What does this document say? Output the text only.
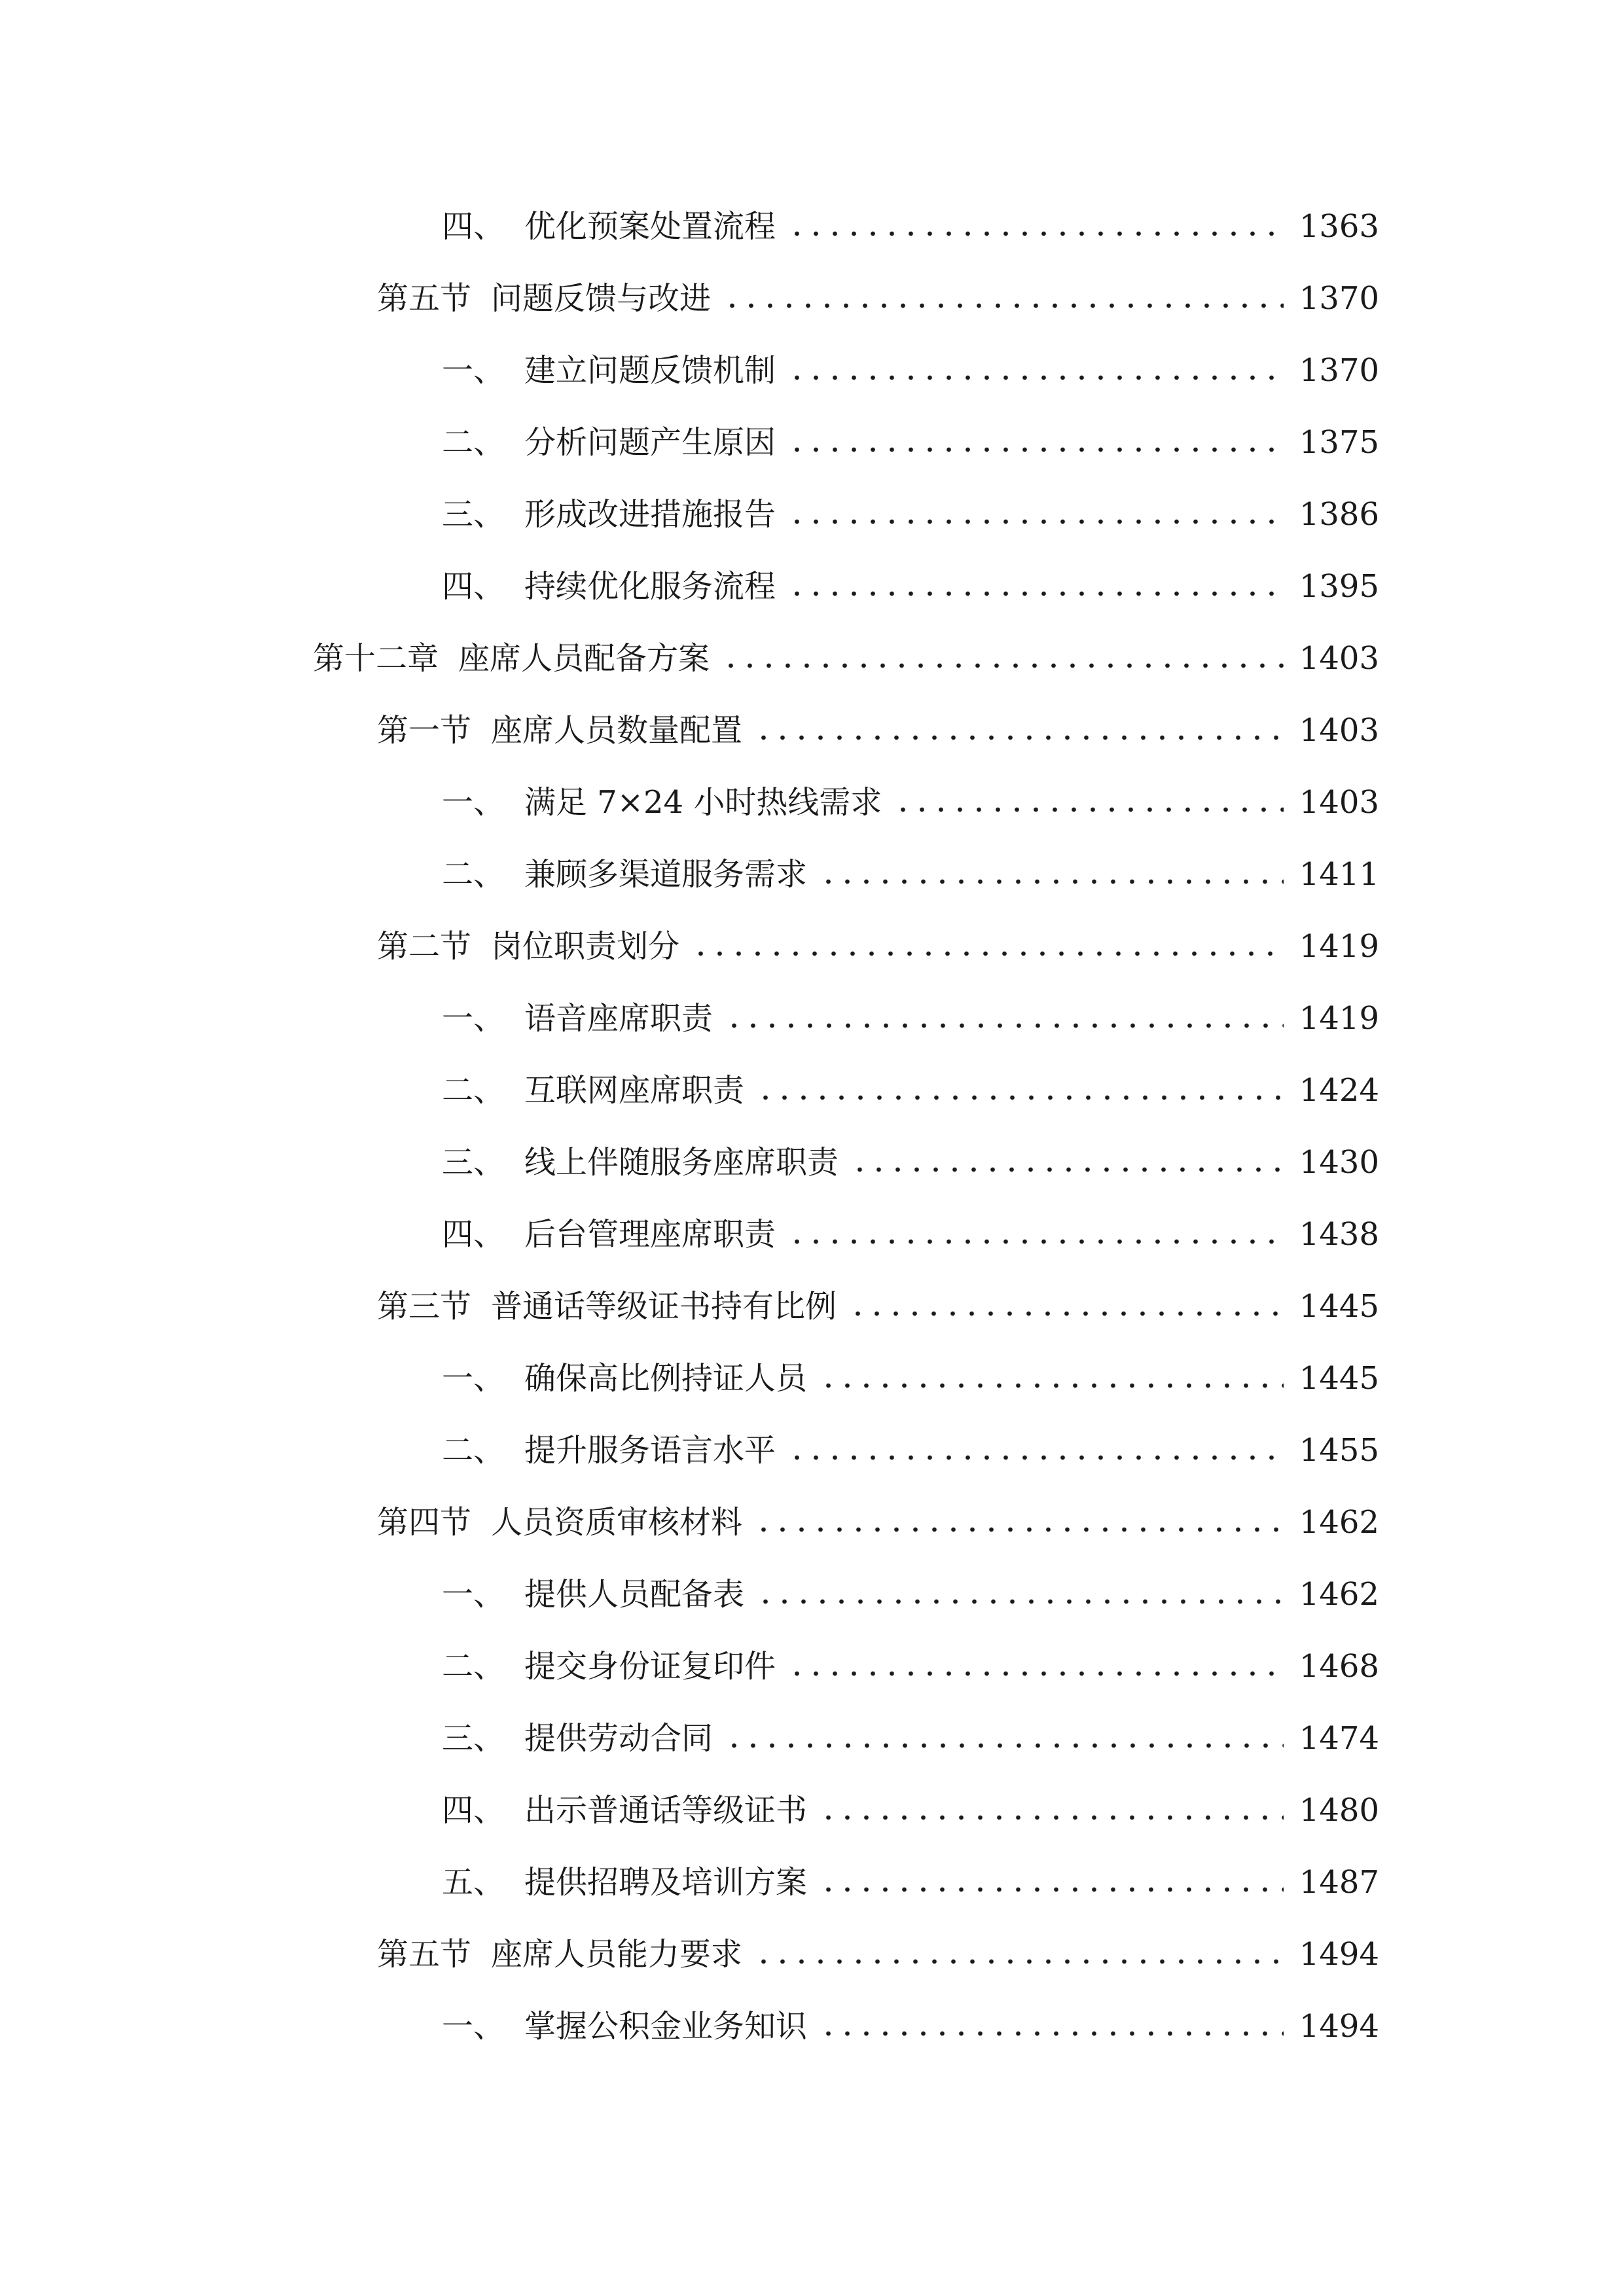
四、 优化预案处置流程	1363
第五节 问题反馈与改进	1370
一、 建立问题反馈机制	1370
二、 分析问题产生原因	1375
三、 形成改进措施报告	1386
四、 持续优化服务流程	1395
第十二章 座席人员配备方案	1403
第一节 座席人员数量配置	1403
一、 满足 7×24 小时热线需求	1403
二、 兼顾多渠道服务需求	1411
第二节 岗位职责划分	1419
一、 语音座席职责	1419
二、 互联网座席职责	1424
三、 线上伴随服务座席职责	1430
四、 后台管理座席职责	1438
第三节 普通话等级证书持有比例	1445
一、 确保高比例持证人员	1445
二、 提升服务语言水平	1455
第四节 人员资质审核材料	1462
一、 提供人员配备表	1462
二、 提交身份证复印件	1468
三、 提供劳动合同	1474
四、 出示普通话等级证书	1480
五、 提供招聘及培训方案	1487
第五节 座席人员能力要求	1494
一、 掌握公积金业务知识	1494
